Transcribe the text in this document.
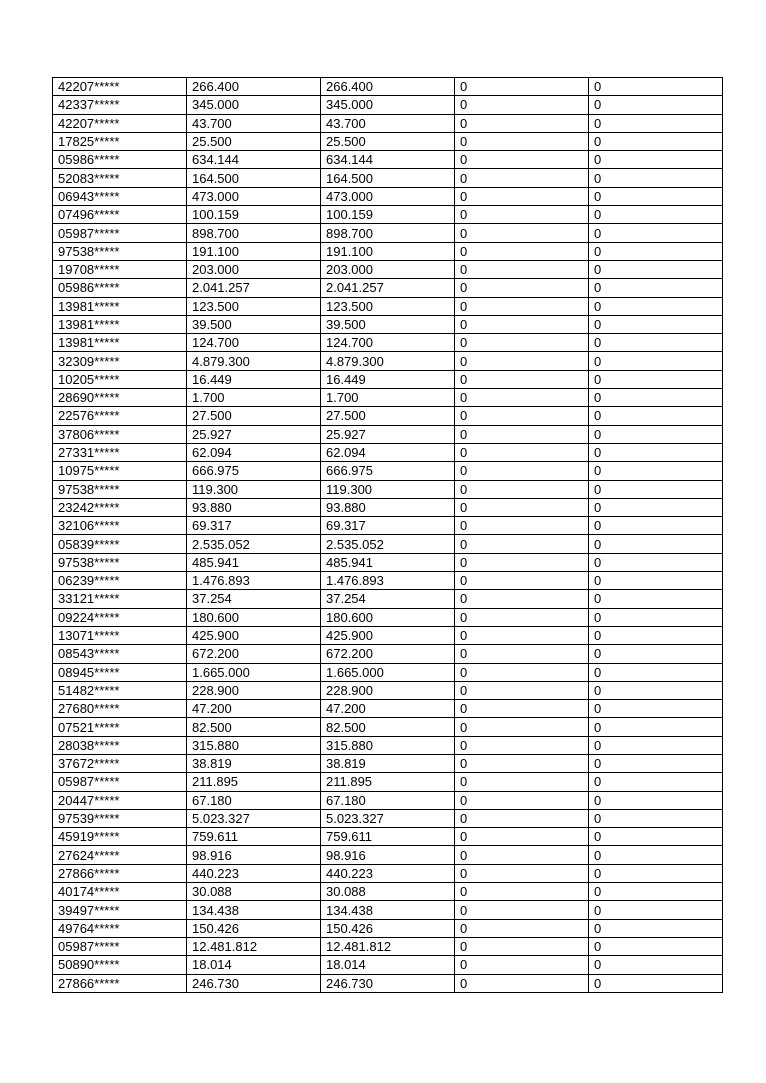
42207*****	266.400	266.400	0	0
42337*****	345.000	345.000	0	0
42207*****	43.700	43.700	0	0
17825*****	25.500	25.500	0	0
05986*****	634.144	634.144	0	0
52083*****	164.500	164.500	0	0
06943*****	473.000	473.000	0	0
07496*****	100.159	100.159	0	0
05987*****	898.700	898.700	0	0
97538*****	191.100	191.100	0	0
19708*****	203.000	203.000	0	0
05986*****	2.041.257	2.041.257	0	0
13981*****	123.500	123.500	0	0
13981*****	39.500	39.500	0	0
13981*****	124.700	124.700	0	0
32309*****	4.879.300	4.879.300	0	0
10205*****	16.449	16.449	0	0
28690*****	1.700	1.700	0	0
22576*****	27.500	27.500	0	0
37806*****	25.927	25.927	0	0
27331*****	62.094	62.094	0	0
10975*****	666.975	666.975	0	0
97538*****	119.300	119.300	0	0
23242*****	93.880	93.880	0	0
32106*****	69.317	69.317	0	0
05839*****	2.535.052	2.535.052	0	0
97538*****	485.941	485.941	0	0
06239*****	1.476.893	1.476.893	0	0
33121*****	37.254	37.254	0	0
09224*****	180.600	180.600	0	0
13071*****	425.900	425.900	0	0
08543*****	672.200	672.200	0	0
08945*****	1.665.000	1.665.000	0	0
51482*****	228.900	228.900	0	0
27680*****	47.200	47.200	0	0
07521*****	82.500	82.500	0	0
28038*****	315.880	315.880	0	0
37672*****	38.819	38.819	0	0
05987*****	211.895	211.895	0	0
20447*****	67.180	67.180	0	0
97539*****	5.023.327	5.023.327	0	0
45919*****	759.611	759.611	0	0
27624*****	98.916	98.916	0	0
27866*****	440.223	440.223	0	0
40174*****	30.088	30.088	0	0
39497*****	134.438	134.438	0	0
49764*****	150.426	150.426	0	0
05987*****	12.481.812	12.481.812	0	0
50890*****	18.014	18.014	0	0
27866*****	246.730	246.730	0	0
